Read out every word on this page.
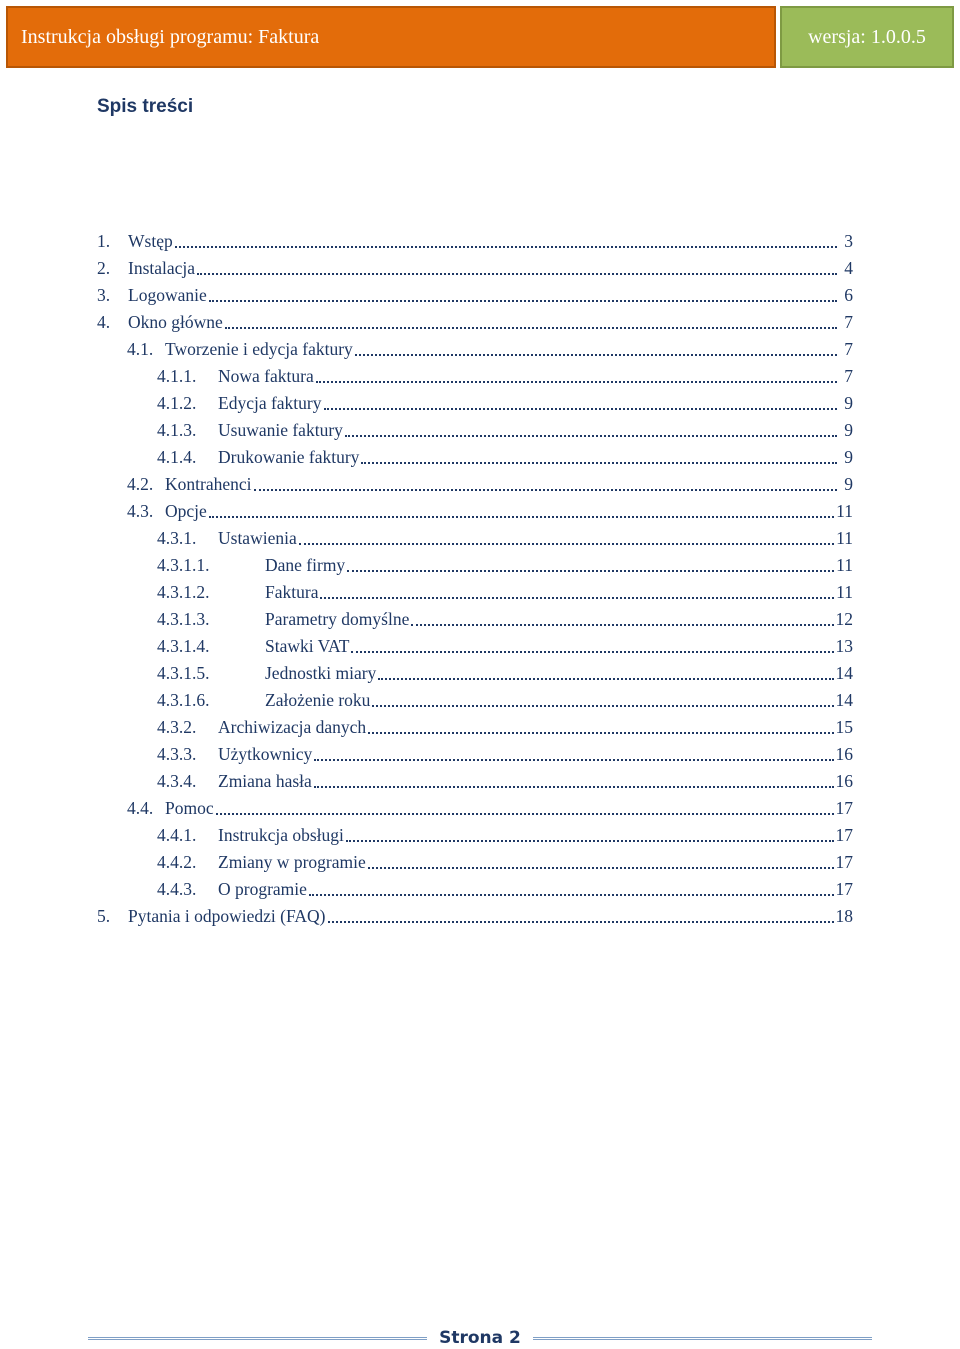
Instrukcja obsługi programu: Faktura	wersja: 1.0.0.5
Spis treści
1.	Wstęp	3
2.	Instalacja	4
3.	Logowanie	6
4.	Okno główne	7
4.1. Tworzenie i edycja faktury	7
4.1.1.	Nowa faktura	7
4.1.2.	Edycja faktury	9
4.1.3.	Usuwanie faktury	9
4.1.4.	Drukowanie faktury	9
4.2. Kontrahenci	9
4.3. Opcje	11
4.3.1.	Ustawienia	11
4.3.1.1.	Dane firmy	11
4.3.1.2.	Faktura	11
4.3.1.3.	Parametry domyślne	12
4.3.1.4.	Stawki VAT	13
4.3.1.5.	Jednostki miary	14
4.3.1.6.	Założenie roku	14
4.3.2.	Archiwizacja danych	15
4.3.3.	Użytkownicy	16
4.3.4.	Zmiana hasła	16
4.4. Pomoc	17
4.4.1.	Instrukcja obsługi	17
4.4.2.	Zmiany w programie	17
4.4.3.	O programie	17
5.	Pytania i odpowiedzi (FAQ)	18
Strona 2
